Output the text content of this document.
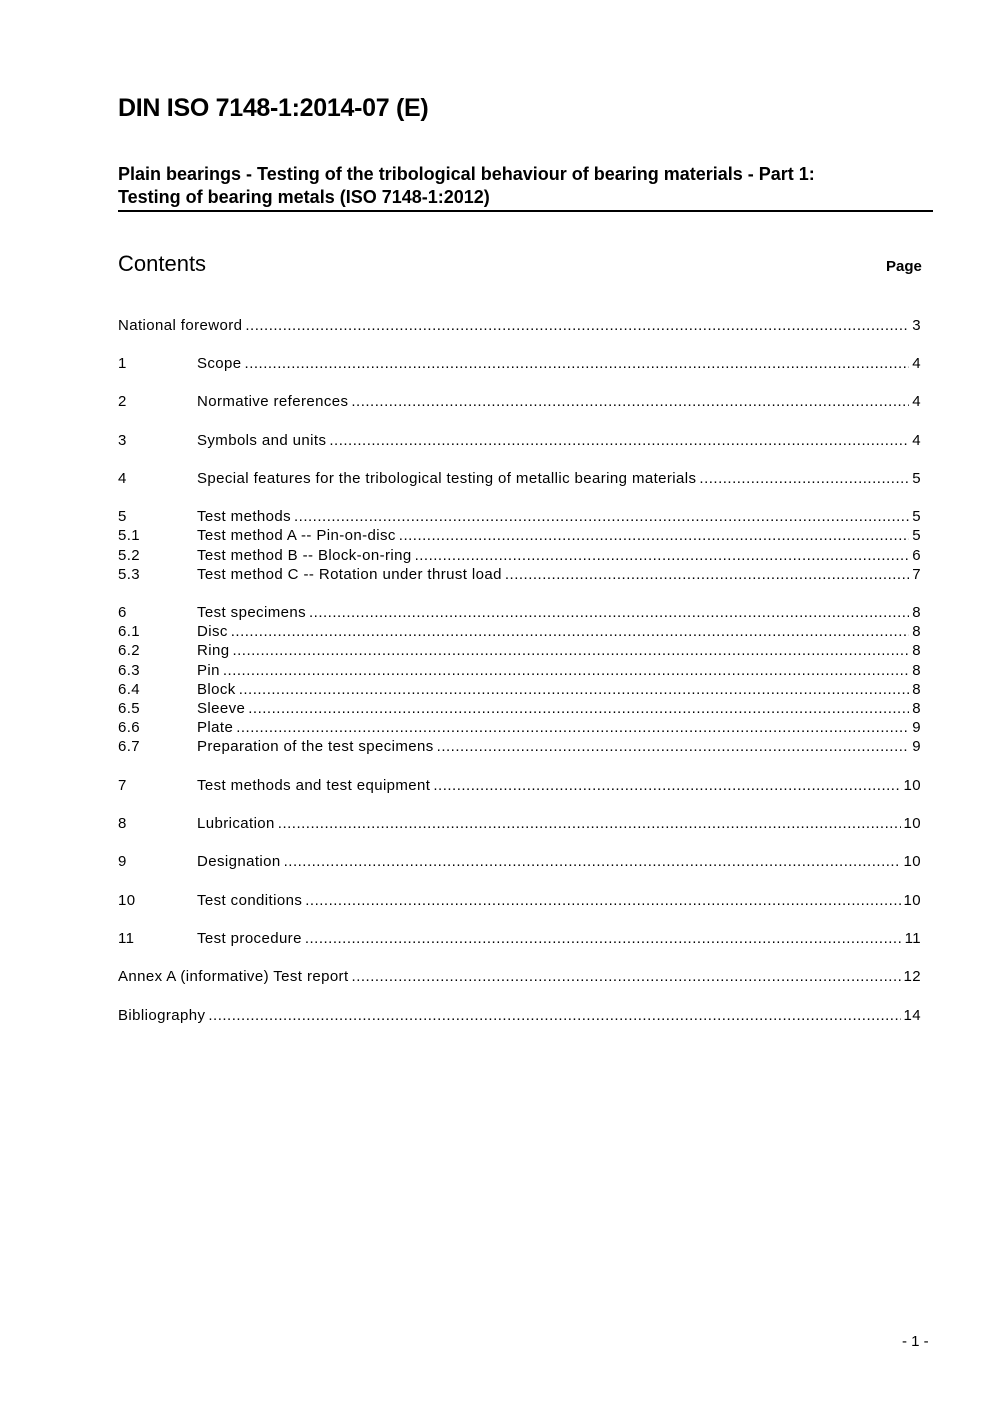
DIN ISO 7148-1:2014-07 (E)
Plain bearings - Testing of the tribological behaviour of bearing materials - Part 1:
Testing of bearing metals (ISO 7148-1:2012)
Contents	Page
National foreword .....	3
1	Scope .....	4
2	Normative references .....	4
3	Symbols and units .....	4
4	Special features for the tribological testing of metallic bearing materials .....	5
5	Test methods .....	5
5.1	Test method A -- Pin-on-disc .....	5
5.2	Test method B -- Block-on-ring .....	6
5.3	Test method C -- Rotation under thrust load .....	7
6	Test specimens .....	8
6.1	Disc .....	8
6.2	Ring .....	8
6.3	Pin .....	8
6.4	Block .....	8
6.5	Sleeve .....	8
6.6	Plate .....	9
6.7	Preparation of the test specimens .....	9
7	Test methods and test equipment .....	10
8	Lubrication .....	10
9	Designation .....	10
10	Test conditions .....	10
11	Test procedure .....	11
Annex A (informative) Test report .....	12
Bibliography .....	14
- 1 -
